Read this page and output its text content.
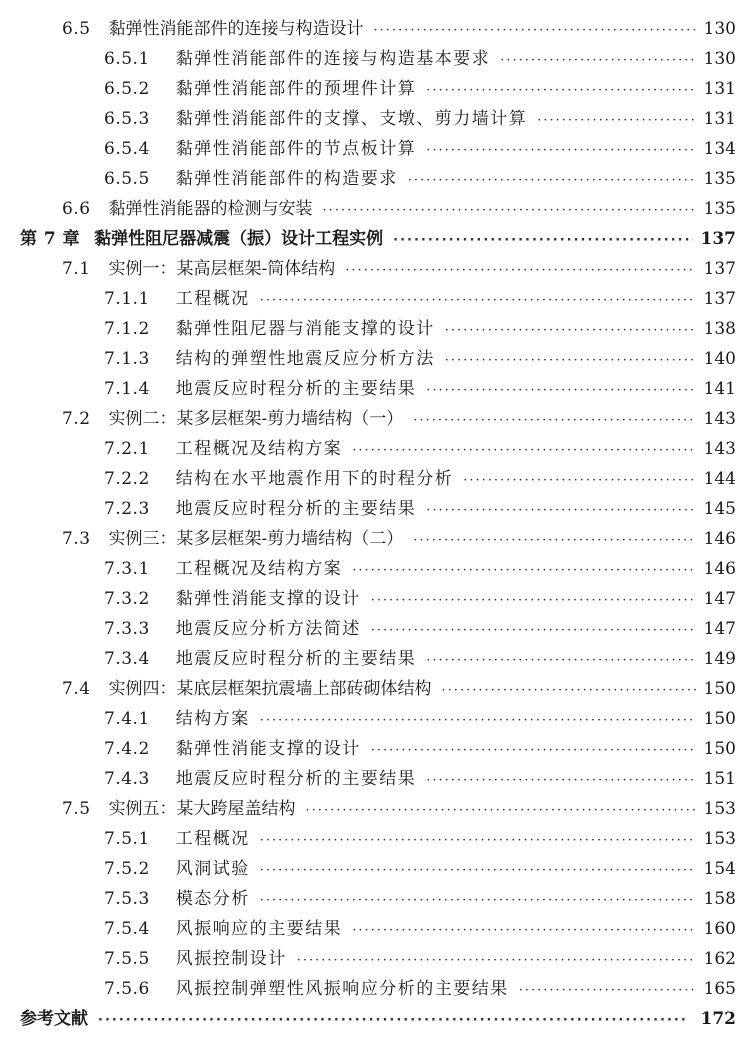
6.5 黏弹性消能部件的连接与构造设计 ·····	130
6.5.1 黏弹性消能部件的连接与构造基本要求 ·····	130
6.5.2 黏弹性消能部件的预埋件计算 ·····	131
6.5.3 黏弹性消能部件的支撑、支墩、剪力墙计算 ·····	131
6.5.4 黏弹性消能部件的节点板计算 ·····	134
6.5.5 黏弹性消能部件的构造要求 ·····	135
6.6 黏弹性消能器的检测与安装 ·····	135
第 7 章 黏弹性阻尼器减震（振）设计工程实例 ·····	137
7.1 实例一：某高层框架-筒体结构 ·····	137
7.1.1 工程概况 ·····	137
7.1.2 黏弹性阻尼器与消能支撑的设计 ·····	138
7.1.3 结构的弹塑性地震反应分析方法 ·····	140
7.1.4 地震反应时程分析的主要结果 ·····	141
7.2 实例二：某多层框架-剪力墙结构（一） ·····	143
7.2.1 工程概况及结构方案 ·····	143
7.2.2 结构在水平地震作用下的时程分析 ·····	144
7.2.3 地震反应时程分析的主要结果 ·····	145
7.3 实例三：某多层框架-剪力墙结构（二） ·····	146
7.3.1 工程概况及结构方案 ·····	146
7.3.2 黏弹性消能支撑的设计 ·····	147
7.3.3 地震反应分析方法简述 ·····	147
7.3.4 地震反应时程分析的主要结果 ·····	149
7.4 实例四：某底层框架抗震墙上部砖砌体结构 ·····	150
7.4.1 结构方案 ·····	150
7.4.2 黏弹性消能支撑的设计 ·····	150
7.4.3 地震反应时程分析的主要结果 ·····	151
7.5 实例五：某大跨屋盖结构 ·····	153
7.5.1 工程概况 ·····	153
7.5.2 风洞试验 ·····	154
7.5.3 模态分析 ·····	158
7.5.4 风振响应的主要结果 ·····	160
7.5.5 风振控制设计 ·····	162
7.5.6 风振控制弹塑性风振响应分析的主要结果 ·····	165
参考文献 ·····	172
